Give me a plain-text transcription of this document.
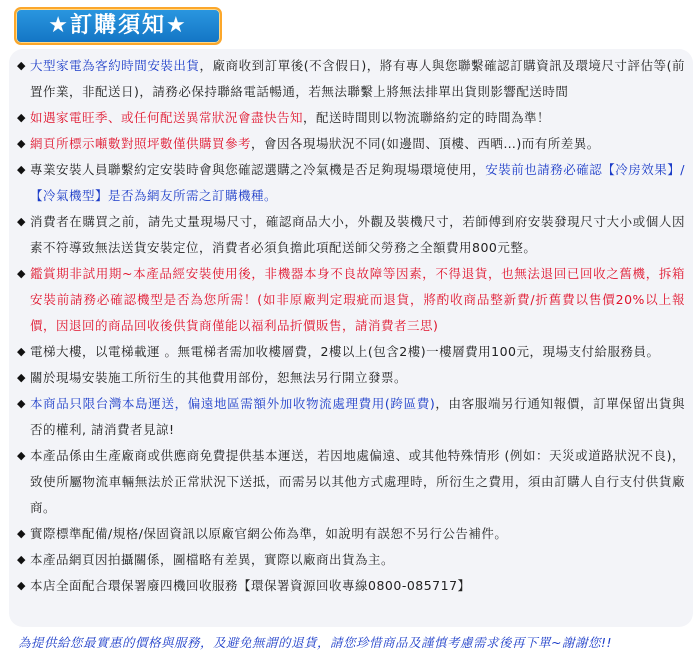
★訂購須知★
◆ 大型家電為客約時間安裝出貨，廠商收到訂單後(不含假日)，將有專人與您聯繫確認訂購資訊及環境尺寸評估等(前置作業，非配送日)，請務必保持聯絡電話暢通，若無法聯繫上將無法排單出貨則影響配送時間
◆ 如遇家電旺季、或任何配送異常狀況會盡快告知，配送時間則以物流聯絡約定的時間為準！
◆ 網頁所標示噸數對照坪數僅供購買參考，會因各現場狀況不同(如邊間、頂樓、西晒…)而有所差異。
◆ 專業安裝人員聯繫約定安裝時會與您確認選購之冷氣機是否足夠現場環境使用，安裝前也請務必確認【冷房效果】/【冷氣機型】是否為網友所需之訂購機種。
◆ 消費者在購買之前，請先丈量現場尺寸，確認商品大小，外觀及裝機尺寸，若師傅到府安裝發現尺寸大小或個人因素不符導致無法送貨安裝定位，消費者必須負擔此項配送師父勞務之全額費用800元整。
◆ 鑑賞期非試用期~本產品經安裝使用後，非機器本身不良故障等因素，不得退貨，也無法退回已回收之舊機，拆箱安裝前請務必確認機型是否為您所需！(如非原廠判定瑕疵而退貨，將酌收商品整新費/折舊費以售價20%以上報價，因退回的商品回收後供貨商僅能以福利品折價販售，請消費者三思)
◆ 電梯大樓，以電梯載運 。無電梯者需加收樓層費，2樓以上(包含2樓)一樓層費用100元，現場支付給服務員。
◆ 關於現場安裝施工所衍生的其他費用部份，恕無法另行開立發票。
◆ 本商品只限台灣本島運送，偏遠地區需額外加收物流處理費用(跨區費)，由客服端另行通知報價，訂單保留出貨與否的權利, 請消費者見諒!
◆ 本產品係由生產廠商或供應商免費提供基本運送，若因地處偏遠、或其他特殊情形 (例如：天災或道路狀況不良)，致使所屬物流車輛無法於正常狀況下送抵，而需另以其他方式處理時，所衍生之費用，須由訂購人自行支付供貨廠商。
◆ 實際標準配備/規格/保固資訊以原廠官網公佈為準，如說明有誤恕不另行公告補件。
◆ 本產品網頁因拍攝關係，圖檔略有差異，實際以廠商出貨為主。
◆ 本店全面配合環保署廢四機回收服務【環保署資源回收專線0800-085717】
為提供給您最實惠的價格與服務，及避免無謂的退貨，請您珍惜商品及謹慎考慮需求後再下單~謝謝您!!
